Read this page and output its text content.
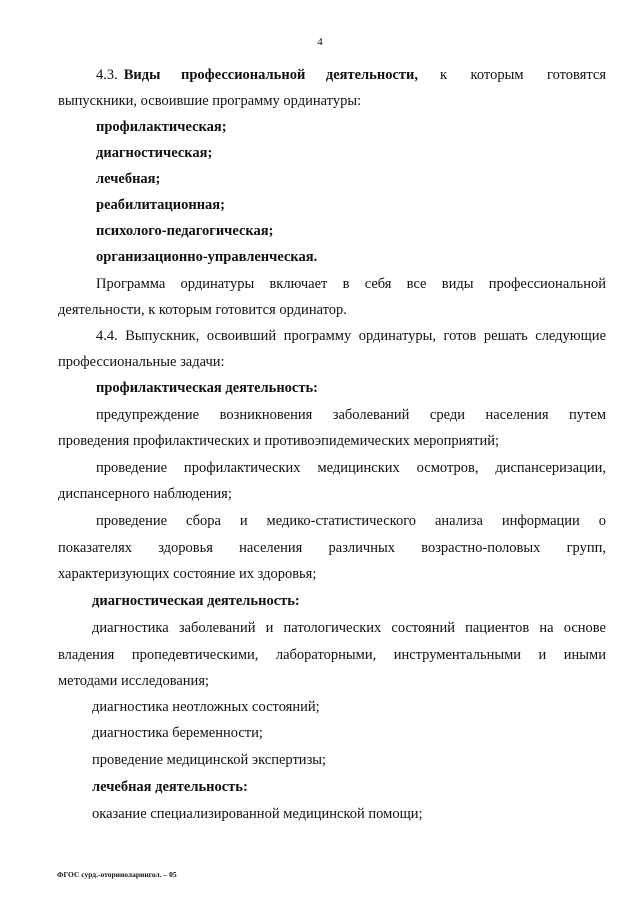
4
4.3. Виды профессиональной деятельности, к которым готовятся
выпускники, освоившие программу ординатуры:
профилактическая;
диагностическая;
лечебная;
реабилитационная;
психолого-педагогическая;
организационно-управленческая.
Программа ординатуры включает в себя все виды профессиональной
деятельности, к которым готовится ординатор.
4.4. Выпускник, освоивший программу ординатуры, готов решать следующие
профессиональные задачи:
профилактическая деятельность:
предупреждение возникновения заболеваний среди населения путем
проведения профилактических и противоэпидемических мероприятий;
проведение профилактических медицинских осмотров, диспансеризации,
диспансерного наблюдения;
проведение сбора и медико-статистического анализа информации о
показателях здоровья населения различных возрастно-половых групп,
характеризующих состояние их здоровья;
диагностическая деятельность:
диагностика заболеваний и патологических состояний пациентов на основе
владения пропедевтическими, лабораторными, инструментальными и иными
методами исследования;
диагностика неотложных состояний;
диагностика беременности;
проведение медицинской экспертизы;
лечебная деятельность:
оказание специализированной медицинской помощи;
ФГОС сурд.-оториноларингол. – 05
